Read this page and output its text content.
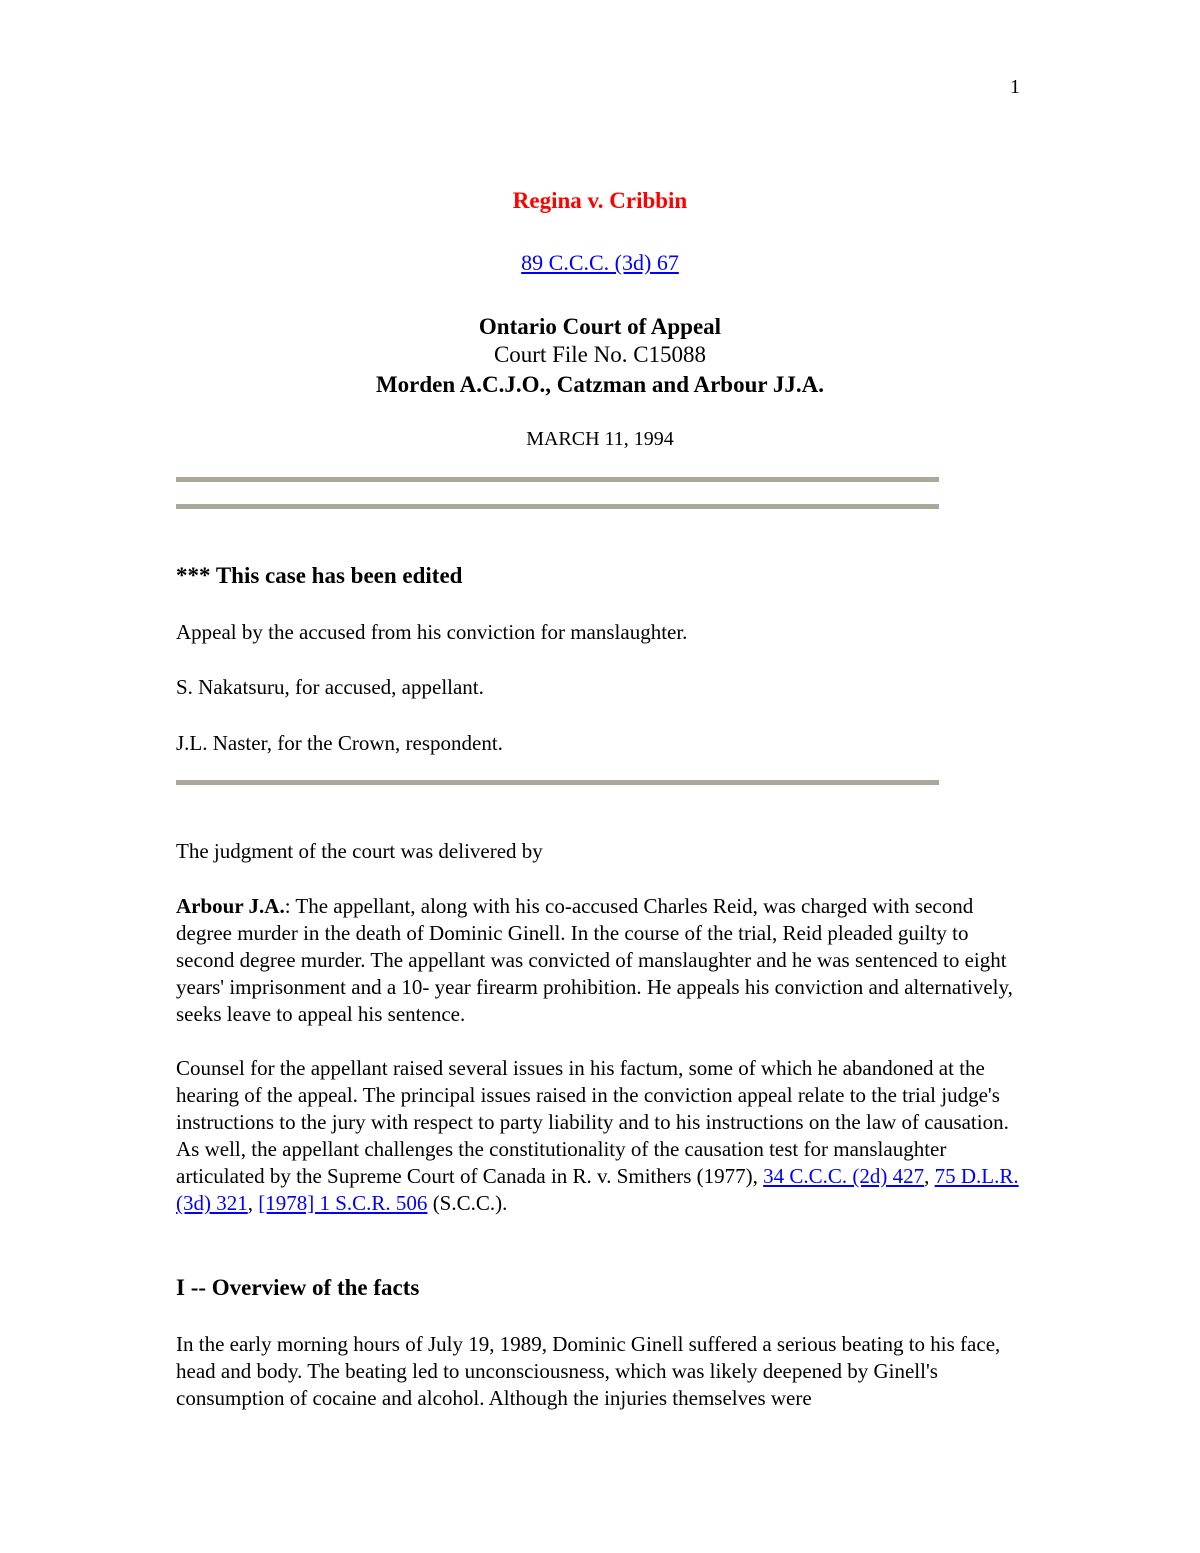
1
Regina v. Cribbin
89 C.C.C. (3d) 67
Ontario Court of Appeal
Court File No. C15088
Morden A.C.J.O., Catzman and Arbour JJ.A.
MARCH 11, 1994
*** This case has been edited
Appeal by the accused from his conviction for manslaughter.
S. Nakatsuru, for accused, appellant.
J.L. Naster, for the Crown, respondent.
The judgment of the court was delivered by
Arbour J.A.: The appellant, along with his co-accused Charles Reid, was charged with second degree murder in the death of Dominic Ginell. In the course of the trial, Reid pleaded guilty to second degree murder. The appellant was convicted of manslaughter and he was sentenced to eight years' imprisonment and a 10- year firearm prohibition. He appeals his conviction and alternatively, seeks leave to appeal his sentence.
Counsel for the appellant raised several issues in his factum, some of which he abandoned at the hearing of the appeal. The principal issues raised in the conviction appeal relate to the trial judge's instructions to the jury with respect to party liability and to his instructions on the law of causation. As well, the appellant challenges the constitutionality of the causation test for manslaughter articulated by the Supreme Court of Canada in R. v. Smithers (1977), 34 C.C.C. (2d) 427, 75 D.L.R. (3d) 321, [1978] 1 S.C.R. 506 (S.C.C.).
I -- Overview of the facts
In the early morning hours of July 19, 1989, Dominic Ginell suffered a serious beating to his face, head and body. The beating led to unconsciousness, which was likely deepened by Ginell's consumption of cocaine and alcohol. Although the injuries themselves were
